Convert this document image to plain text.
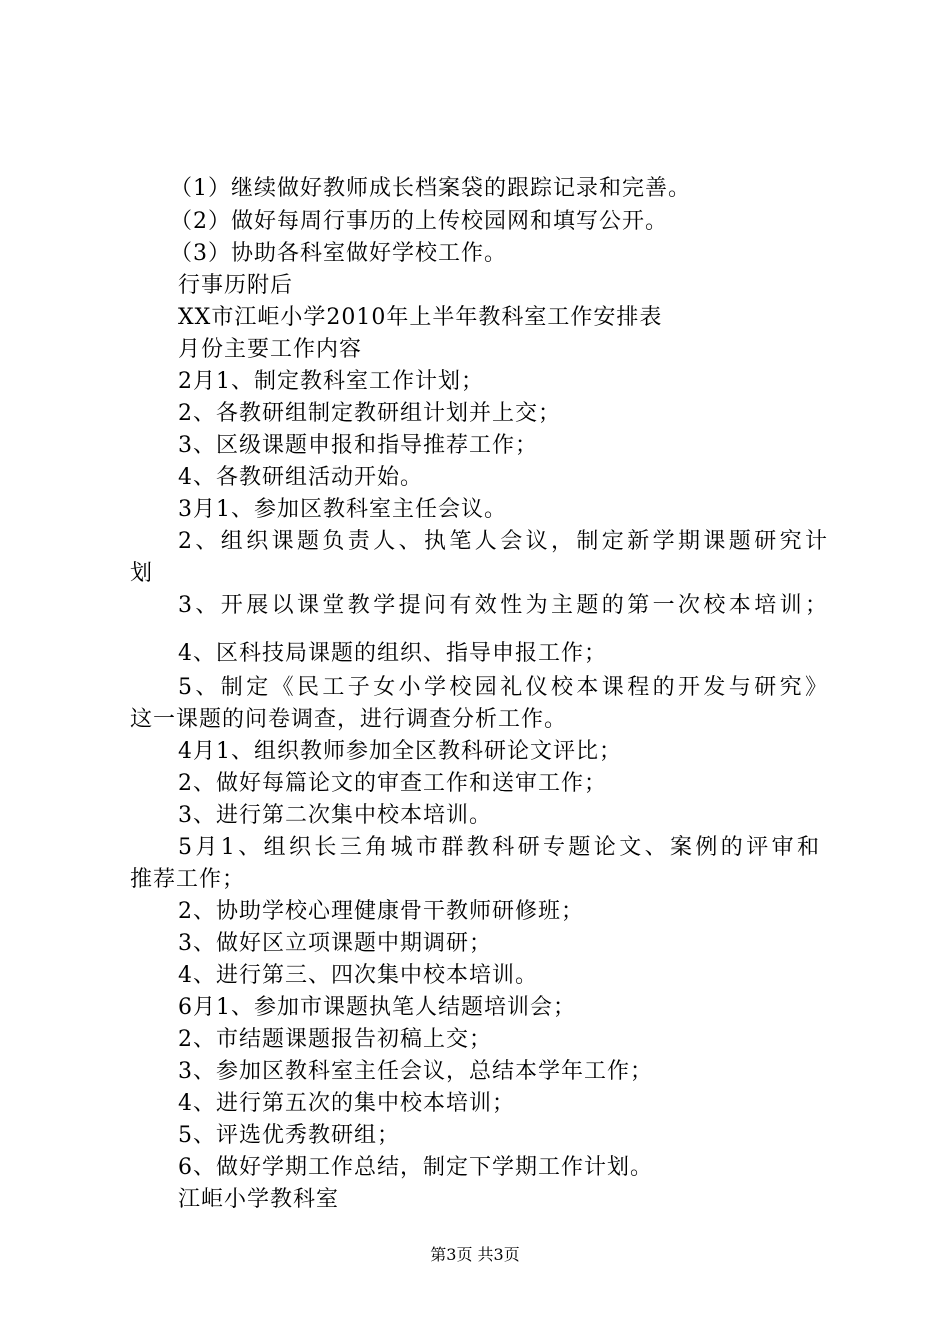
（1）继续做好教师成长档案袋的跟踪记录和完善。
（2）做好每周行事历的上传校园网和填写公开。
（3）协助各科室做好学校工作。
行事历附后
XX市江岠小学2010年上半年教科室工作安排表
月份主要工作内容
2月1、制定教科室工作计划；
2、各教研组制定教研组计划并上交；
3、区级课题申报和指导推荐工作；
4、各教研组活动开始。
3月1、参加区教科室主任会议。
2、组织课题负责人、执笔人会议，制定新学期课题研究计
划
3、开展以课堂教学提问有效性为主题的第一次校本培训；
4、区科技局课题的组织、指导申报工作；
5、制定《民工子女小学校园礼仪校本课程的开发与研究》
这一课题的问卷调查，进行调查分析工作。
4月1、组织教师参加全区教科研论文评比；
2、做好每篇论文的审查工作和送审工作；
3、进行第二次集中校本培训。
5月1、组织长三角城市群教科研专题论文、案例的评审和
推荐工作；
2、协助学校心理健康骨干教师研修班；
3、做好区立项课题中期调研；
4、进行第三、四次集中校本培训。
6月1、参加市课题执笔人结题培训会；
2、市结题课题报告初稿上交；
3、参加区教科室主任会议，总结本学年工作；
4、进行第五次的集中校本培训；
5、评选优秀教研组；
6、做好学期工作总结，制定下学期工作计划。
江岠小学教科室
第3页 共3页
